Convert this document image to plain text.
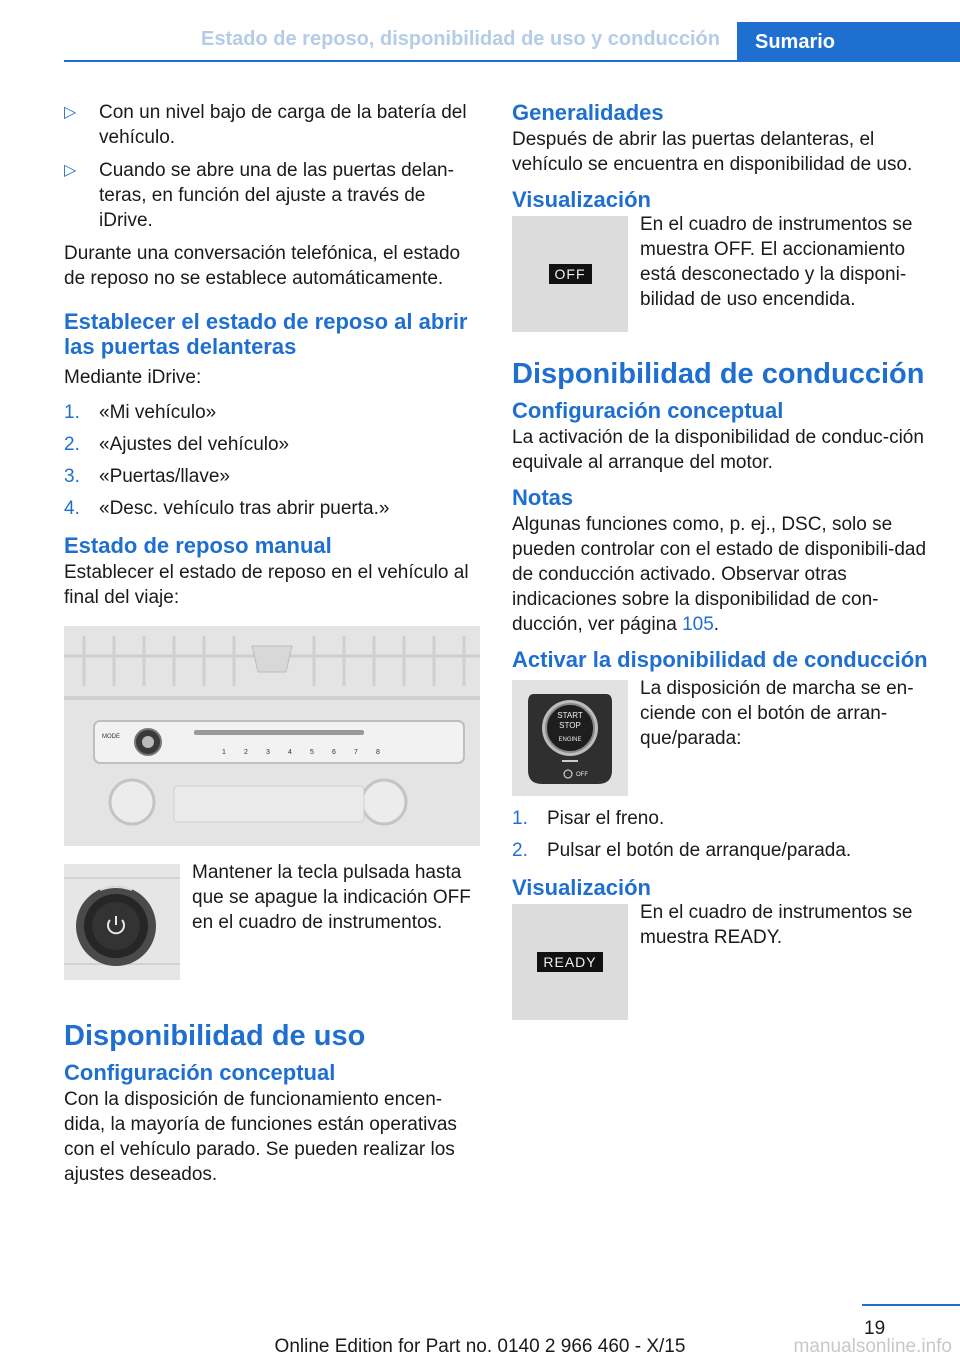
Estado de reposo, disponibilidad de uso y conducción	Sumario
▷ Con un nivel bajo de carga de la batería del vehículo.
▷ Cuando se abre una de las puertas delan‐teras, en función del ajuste a través de iDrive.

Durante una conversación telefónica, el estado de reposo no se establece automáticamente.

Establecer el estado de reposo al abrir las puertas delanteras

Mediante iDrive:

1. «Mi vehículo»
2. «Ajustes del vehículo»
3. «Puertas/llave»
4. «Desc. vehículo tras abrir puerta.»
Estado de reposo manual

Establecer el estado de reposo en el vehículo al final del viaje:

MODE
1	2	3	4	5	6	7	8
Mantener la tecla pulsada hasta que se apague la indicación OFF en el cuadro de instrumentos.
Disponibilidad de uso
Configuración conceptual

Con la disposición de funcionamiento encen‐dida, la mayoría de funciones están operativas con el vehículo parado. Se pueden realizar los ajustes deseados.

Generalidades

Después de abrir las puertas delanteras, el vehículo se encuentra en disponibilidad de uso.

Visualización
OFF
En el cuadro de instrumentos se muestra OFF. El accionamiento está desconectado y la disponi‐bilidad de uso encendida.
Disponibilidad de conducción
Configuración conceptual

La activación de la disponibilidad de conduc‐ción equivale al arranque del motor.

Notas

Algunas funciones como, p. ej., DSC, solo se pueden controlar con el estado de disponibili‐dad de conducción activado. Observar otras indicaciones sobre la disponibilidad de con‐ducción, ver página 105.

Activar la disponibilidad de conducción
START
STOP
ENGINE
OFF
La disposición de marcha se en‐ciende con el botón de arran‐que/parada:
1. Pisar el freno.
2. Pulsar el botón de arranque/parada.
Visualización
READY
En el cuadro de instrumentos se muestra READY.
19
Online Edition for Part no. 0140 2 966 460 - X/15	manualsonline.info
